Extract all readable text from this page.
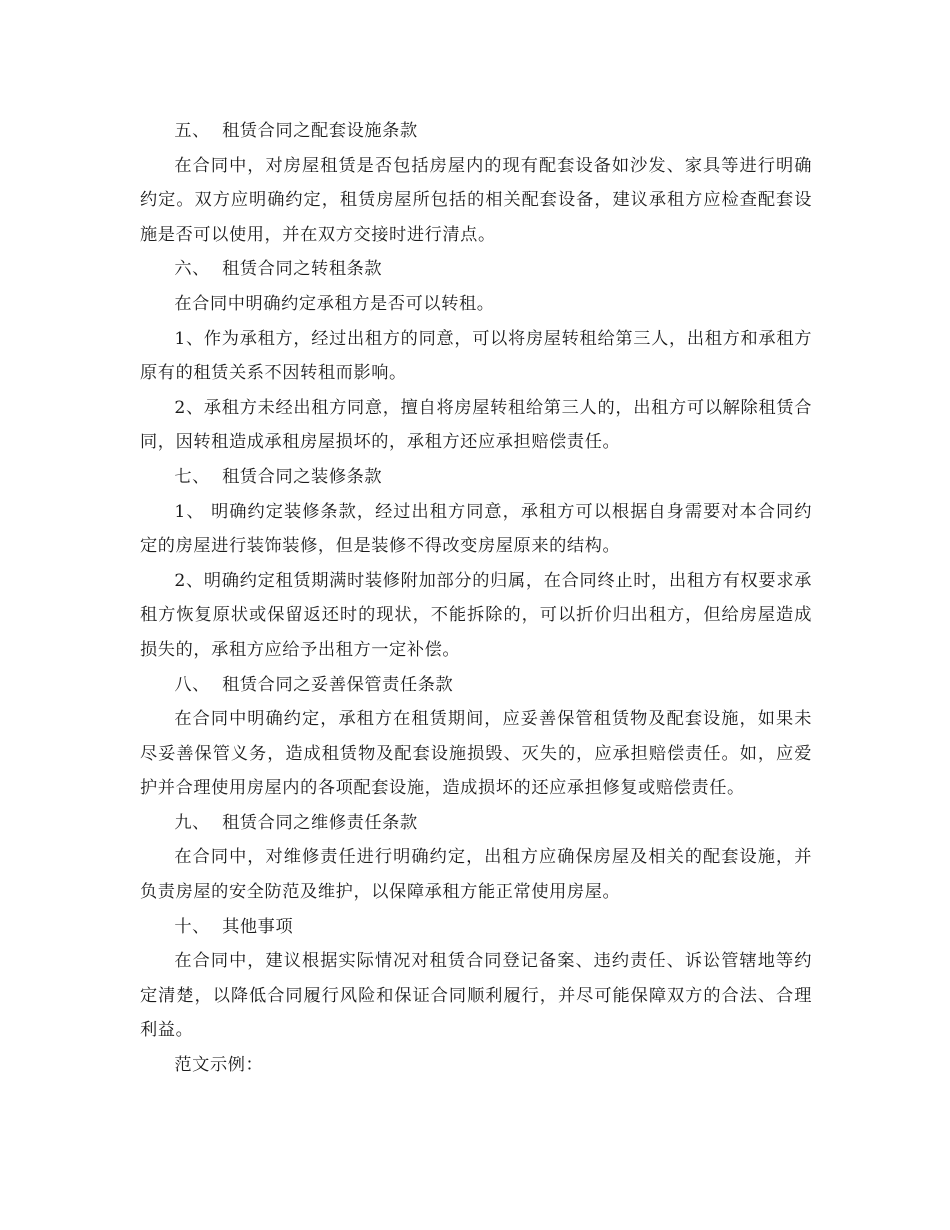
五、  租赁合同之配套设施条款

在合同中，对房屋租赁是否包括房屋内的现有配套设备如沙发、家具等进行明确约定。双方应明确约定，租赁房屋所包括的相关配套设备，建议承租方应检查配套设施是否可以使用，并在双方交接时进行清点。

六、  租赁合同之转租条款

在合同中明确约定承租方是否可以转租。

1、作为承租方，经过出租方的同意，可以将房屋转租给第三人，出租方和承租方原有的租赁关系不因转租而影响。

2、承租方未经出租方同意，擅自将房屋转租给第三人的，出租方可以解除租赁合同，因转租造成承租房屋损坏的，承租方还应承担赔偿责任。

七、  租赁合同之装修条款

1、 明确约定装修条款，经过出租方同意，承租方可以根据自身需要对本合同约定的房屋进行装饰装修，但是装修不得改变房屋原来的结构。

2、明确约定租赁期满时装修附加部分的归属，在合同终止时，出租方有权要求承租方恢复原状或保留返还时的现状，不能拆除的，可以折价归出租方，但给房屋造成损失的，承租方应给予出租方一定补偿。

八、  租赁合同之妥善保管责任条款

在合同中明确约定，承租方在租赁期间，应妥善保管租赁物及配套设施，如果未尽妥善保管义务，造成租赁物及配套设施损毁、灭失的，应承担赔偿责任。如，应爱护并合理使用房屋内的各项配套设施，造成损坏的还应承担修复或赔偿责任。

九、  租赁合同之维修责任条款

在合同中，对维修责任进行明确约定，出租方应确保房屋及相关的配套设施，并负责房屋的安全防范及维护，以保障承租方能正常使用房屋。

十、  其他事项

在合同中，建议根据实际情况对租赁合同登记备案、违约责任、诉讼管辖地等约定清楚，以降低合同履行风险和保证合同顺利履行，并尽可能保障双方的合法、合理利益。

范文示例：
